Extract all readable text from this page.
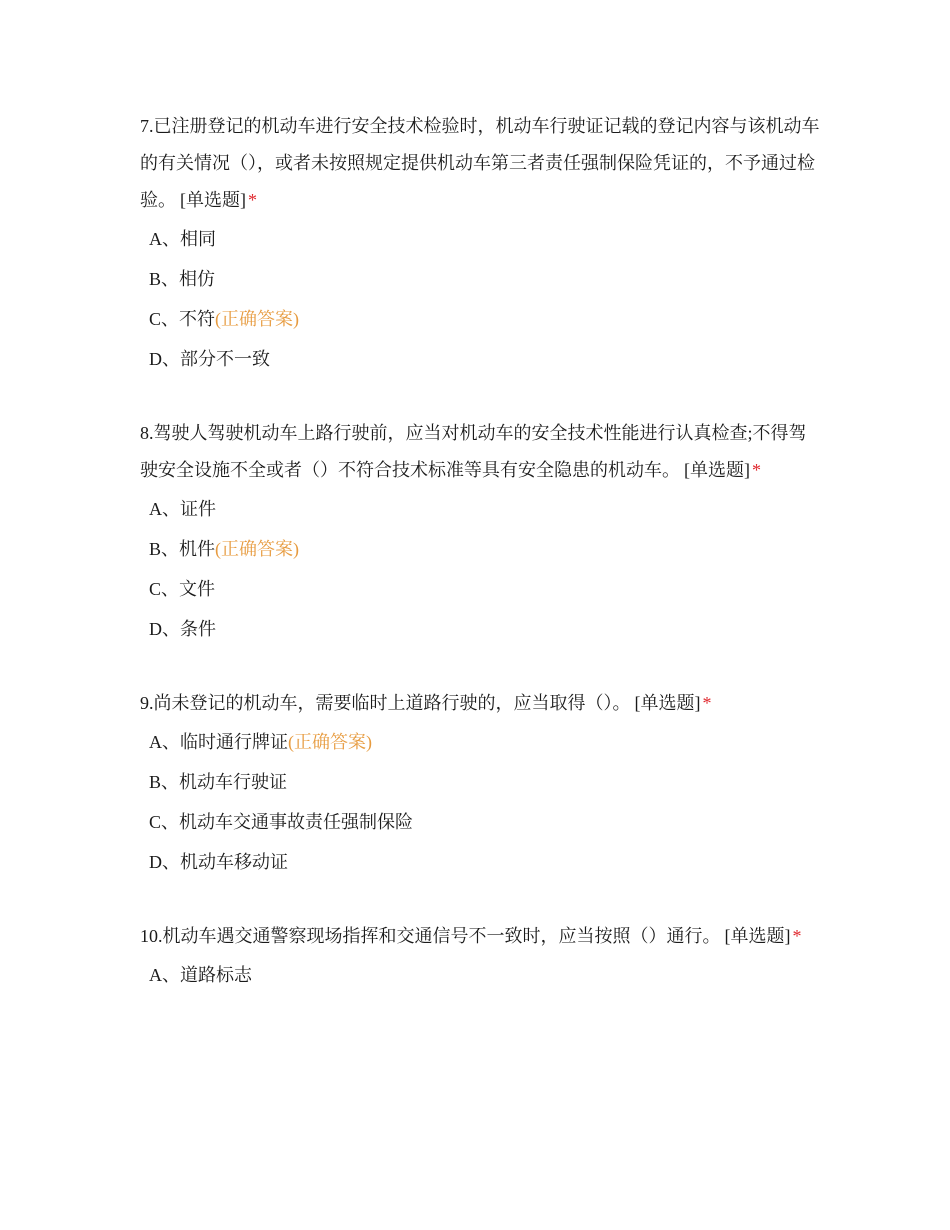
7.已注册登记的机动车进行安全技术检验时，机动车行驶证记载的登记内容与该机动车的有关情况（），或者未按照规定提供机动车第三者责任强制保险凭证的，不予通过检验。 [单选题] *

A、相同
B、相仿
C、不符(正确答案)
D、部分不一致

8.驾驶人驾驶机动车上路行驶前，应当对机动车的安全技术性能进行认真检查;不得驾驶安全设施不全或者（）不符合技术标准等具有安全隐患的机动车。 [单选题] *

A、证件
B、机件(正确答案)
C、文件
D、条件

9.尚未登记的机动车，需要临时上道路行驶的，应当取得（）。 [单选题] *

A、临时通行牌证(正确答案)
B、机动车行驶证
C、机动车交通事故责任强制保险
D、机动车移动证

10.机动车遇交通警察现场指挥和交通信号不一致时，应当按照（）通行。 [单选题] *

A、道路标志
